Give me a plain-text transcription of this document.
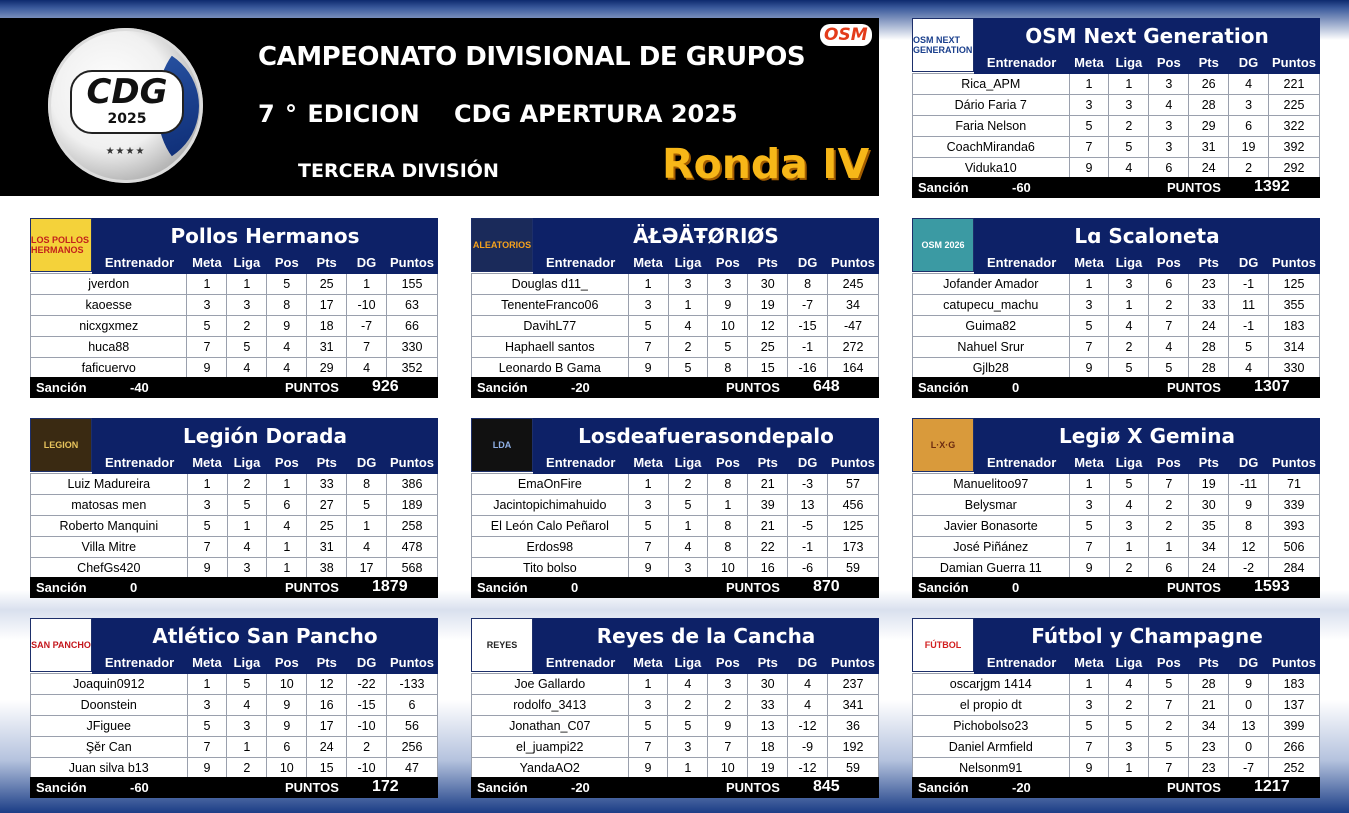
CDG
2025
★★★★
CAMPEONATO DIVISIONAL DE GRUPOS
7 ° EDICION CDG APERTURA 2025
TERCERA DIVISIÓN
OSM
Ronda IV
OSM NEXT GENERATION
OSM Next Generation
	Entrenador	Meta	Liga	Pos	Pts	DG	Puntos
Rica_APM		1	1	3	26	4	221
Dário Faria 7		3	3	4	28	3	225
Faria Nelson		5	2	3	29	6	322
CoachMiranda6		7	5	3	31	19	392
Viduka10		9	4	6	24	2	292
Sanción	-60	PUNTOS 1392
LOS POLLOS HERMANOS
Pollos Hermanos
	Entrenador	Meta	Liga	Pos	Pts	DG	Puntos
jverdon		1	1	5	25	1	155
kaoesse		3	3	8	17	-10	63
nicxgxmez		5	2	9	18	-7	66
huca88		7	5	4	31	7	330
faficuervo		9	4	4	29	4	352
Sanción	-40	PUNTOS 926
ALEATORIOS	ÄŁƏÄŦØRIØS
	Entrenador	Meta	Liga	Pos	Pts	DG	Puntos
Douglas d11_		1	3	3	30	8	245
TenenteFranco06		3	1	9	19	-7	34
DavihL77		5	4	10	12	-15	-47
Haphaell santos		7	2	5	25	-1	272
Leonardo B Gama		9	5	8	15	-16	164
Sanción	-20	PUNTOS 648
OSM 2026	Lɑ Scaloneta
	Entrenador	Meta	Liga	Pos	Pts	DG	Puntos
Jofander Amador		1	3	6	23	-1	125
catupecu_machu		3	1	2	33	11	355
Guima82		5	4	7	24	-1	183
Nahuel Srur		7	2	4	28	5	314
Gjlb28		9	5	5	28	4	330
Sanción	0	PUNTOS 1307
LEGION	Legión Dorada
	Entrenador	Meta	Liga	Pos	Pts	DG	Puntos
Luiz Madureira		1	2	1	33	8	386
matosas men		3	5	6	27	5	189
Roberto Manquini		5	1	4	25	1	258
Villa Mitre		7	4	1	31	4	478
ChefGs420		9	3	1	38	17	568
Sanción	0	PUNTOS 1879
LDA	Losdeafuerasondepalo
	Entrenador	Meta	Liga	Pos	Pts	DG	Puntos
EmaOnFire		1	2	8	21	-3	57
Jacintopichimahuido		3	5	1	39	13	456
El León Calo Peñarol		5	1	8	21	-5	125
Erdos98		7	4	8	22	-1	173
Tito bolso		9	3	10	16	-6	59
Sanción	0	PUNTOS 870
L·X·G	Legiø X Gemina
	Entrenador	Meta	Liga	Pos	Pts	DG	Puntos
Manuelitoo97		1	5	7	19	-11	71
Belysmar		3	4	2	30	9	339
Javier Bonasorte		5	3	2	35	8	393
José Piñánez		7	1	1	34	12	506
Damian Guerra 11		9	2	6	24	-2	284
Sanción	0	PUNTOS 1593
SAN PANCHO	Atlético San Pancho
	Entrenador	Meta	Liga	Pos	Pts	DG	Puntos
Joaquin0912		1	5	10	12	-22	-133
Doonstein		3	4	9	16	-15	6
JFiguee		5	3	9	17	-10	56
Şěr Can		7	1	6	24	2	256
Juan silva b13		9	2	10	15	-10	47
Sanción	-60	PUNTOS 172
REYES	Reyes de la Cancha
	Entrenador	Meta	Liga	Pos	Pts	DG	Puntos
Joe Gallardo		1	4	3	30	4	237
rodolfo_3413		3	2	2	33	4	341
Jonathan_C07		5	5	9	13	-12	36
el_juampi22		7	3	7	18	-9	192
YandaAO2		9	1	10	19	-12	59
Sanción	-20	PUNTOS 845
FÚTBOL	Fútbol y Champagne
	Entrenador	Meta	Liga	Pos	Pts	DG	Puntos
oscarjgm 1414		1	4	5	28	9	183
el propio dt		3	2	7	21	0	137
Pichobolso23		5	5	2	34	13	399
Daniel Armfield		7	3	5	23	0	266
Nelsonm91		9	1	7	23	-7	252
Sanción	-20	PUNTOS 1217
